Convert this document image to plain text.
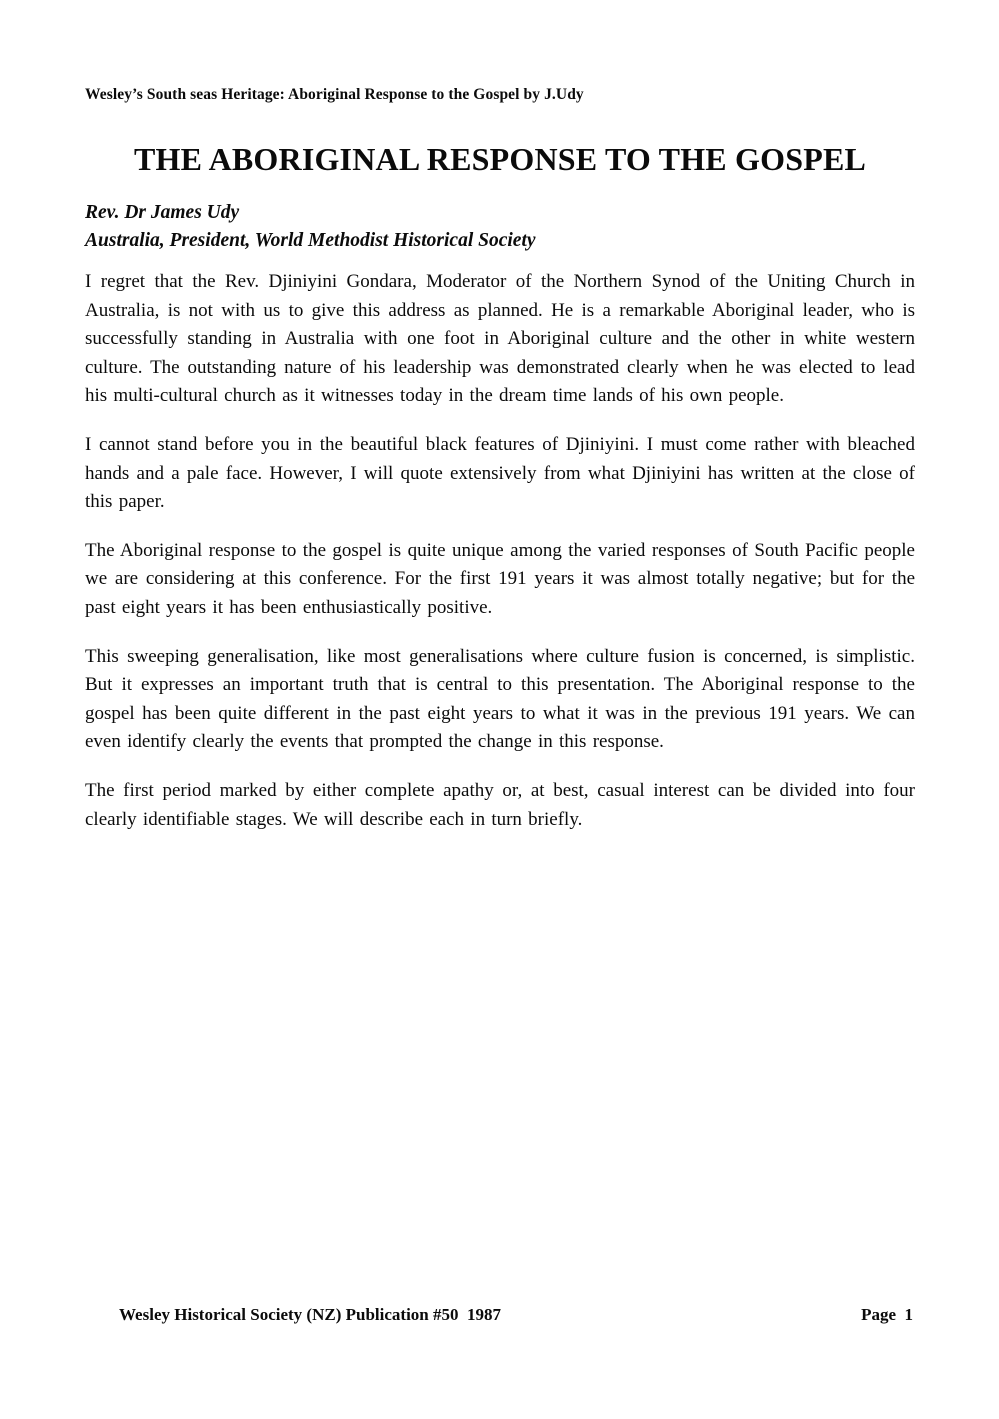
Wesley’s South seas Heritage: Aboriginal Response to the Gospel by J.Udy
THE ABORIGINAL RESPONSE TO THE GOSPEL
Rev. Dr James Udy
Australia, President, World Methodist Historical Society

I regret that the Rev. Djiniyini Gondara, Moderator of the Northern Synod of the Uniting Church in Australia, is not with us to give this address as planned. He is a remarkable Aboriginal leader, who is successfully standing in Australia with one foot in Aboriginal culture and the other in white western culture. The outstanding nature of his leadership was demonstrated clearly when he was elected to lead his multi-cultural church as it witnesses today in the dream time lands of his own people.

I cannot stand before you in the beautiful black features of Djiniyini. I must come rather with bleached hands and a pale face. However, I will quote extensively from what Djiniyini has written at the close of this paper.

The Aboriginal response to the gospel is quite unique among the varied responses of South Pacific people we are considering at this conference. For the first 191 years it was almost totally negative; but for the past eight years it has been enthusiastically positive.

This sweeping generalisation, like most generalisations where culture fusion is concerned, is simplistic. But it expresses an important truth that is central to this presentation. The Aboriginal response to the gospel has been quite different in the past eight years to what it was in the previous 191 years. We can even identify clearly the events that prompted the change in this response.

The first period marked by either complete apathy or, at best, casual interest can be divided into four clearly identifiable stages. We will describe each in turn briefly.

Wesley Historical Society (NZ) Publication #50  1987	Page  1
